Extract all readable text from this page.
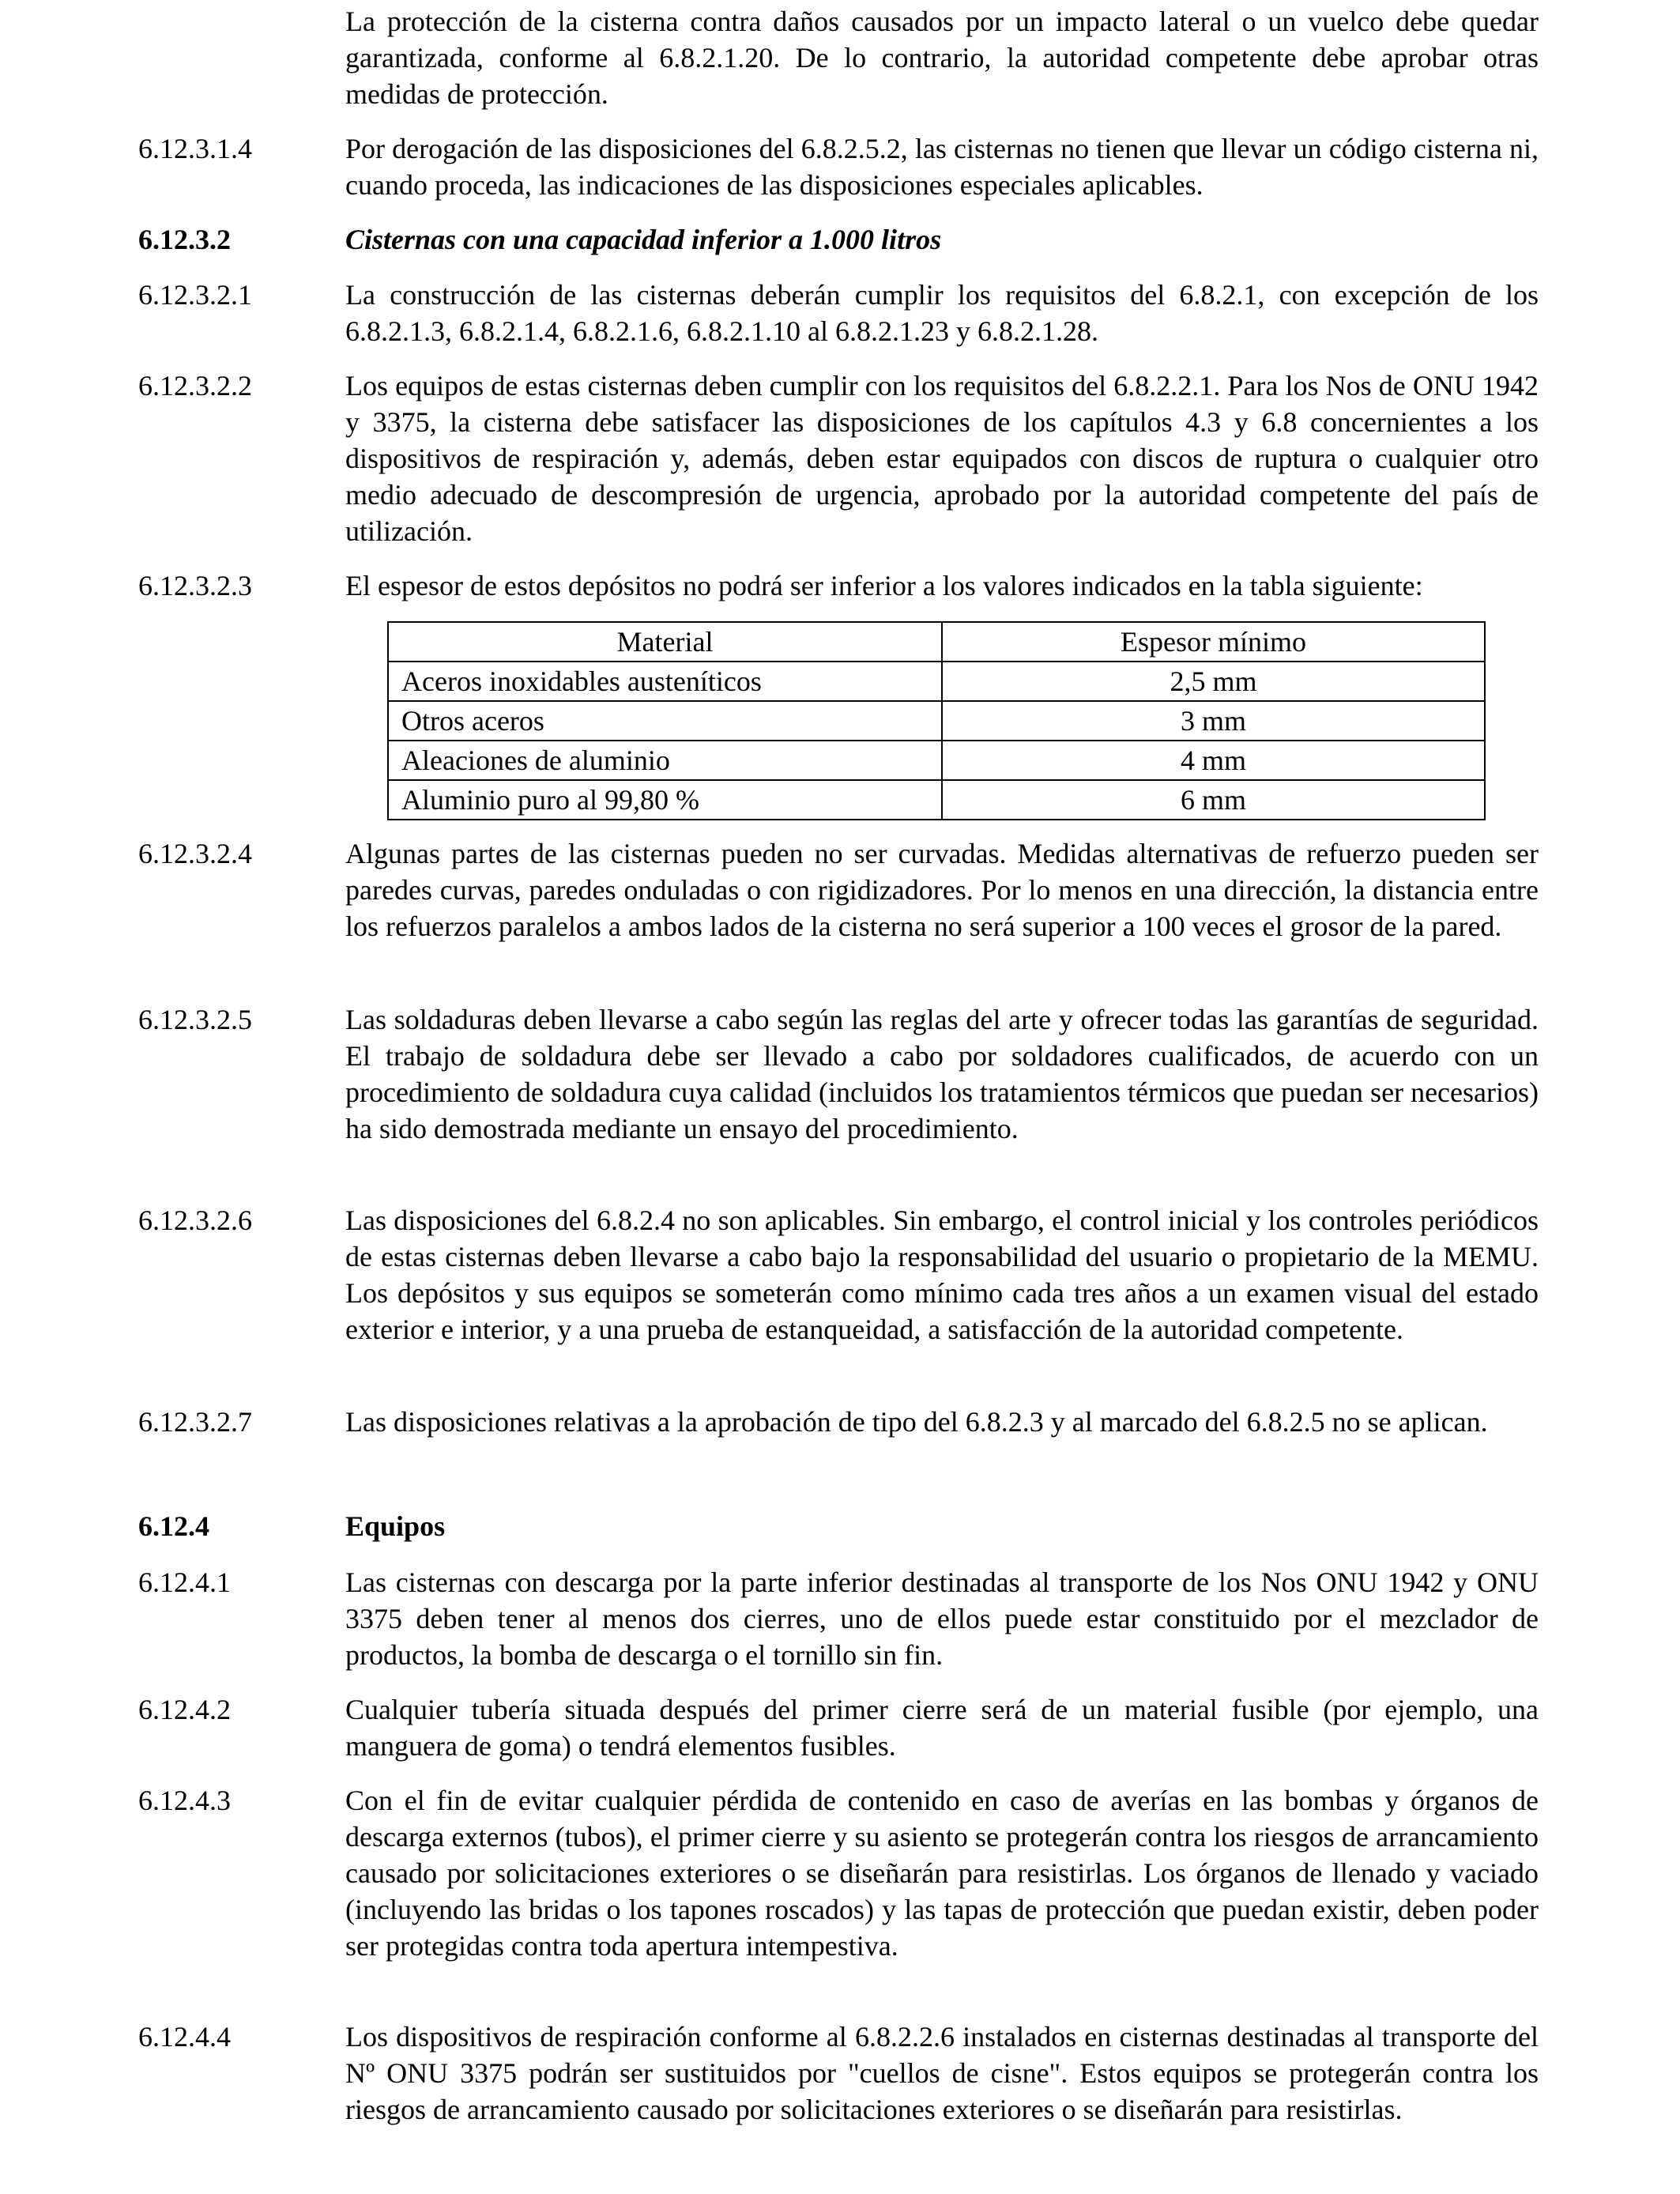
La protección de la cisterna contra daños causados por un impacto lateral o un vuelco debe quedar garantizada, conforme al 6.8.2.1.20. De lo contrario, la autoridad competente debe aprobar otras medidas de protección.
6.12.3.1.4	Por derogación de las disposiciones del 6.8.2.5.2, las cisternas no tienen que llevar un código cisterna ni, cuando proceda, las indicaciones de las disposiciones especiales aplicables.
6.12.3.2	Cisternas con una capacidad inferior a 1.000 litros
6.12.3.2.1	La construcción de las cisternas deberán cumplir los requisitos del 6.8.2.1, con excepción de los 6.8.2.1.3, 6.8.2.1.4, 6.8.2.1.6, 6.8.2.1.10 al 6.8.2.1.23 y 6.8.2.1.28.
6.12.3.2.2	Los equipos de estas cisternas deben cumplir con los requisitos del 6.8.2.2.1. Para los Nos de ONU 1942 y 3375, la cisterna debe satisfacer las disposiciones de los capítulos 4.3 y 6.8 concernientes a los dispositivos de respiración y, además, deben estar equipados con discos de ruptura o cualquier otro medio adecuado de descompresión de urgencia, aprobado por la autoridad competente del país de utilización.
6.12.3.2.3	El espesor de estos depósitos no podrá ser inferior a los valores indicados en la tabla siguiente:
Material	Espesor mínimo
Aceros inoxidables austeníticos	2,5 mm
Otros aceros	3 mm
Aleaciones de aluminio	4 mm
Aluminio puro al 99,80 %	6 mm
6.12.3.2.4	Algunas partes de las cisternas pueden no ser curvadas. Medidas alternativas de refuerzo pueden ser paredes curvas, paredes onduladas o con rigidizadores. Por lo menos en una dirección, la distancia entre los refuerzos paralelos a ambos lados de la cisterna no será superior a 100 veces el grosor de la pared.
6.12.3.2.5	Las soldaduras deben llevarse a cabo según las reglas del arte y ofrecer todas las garantías de seguridad. El trabajo de soldadura debe ser llevado a cabo por soldadores cualificados, de acuerdo con un procedimiento de soldadura cuya calidad (incluidos los tratamientos térmicos que puedan ser necesarios) ha sido demostrada mediante un ensayo del procedimiento.
6.12.3.2.6	Las disposiciones del 6.8.2.4 no son aplicables. Sin embargo, el control inicial y los controles periódicos de estas cisternas deben llevarse a cabo bajo la responsabilidad del usuario o propietario de la MEMU. Los depósitos y sus equipos se someterán como mínimo cada tres años a un examen visual del estado exterior e interior, y a una prueba de estanqueidad, a satisfacción de la autoridad competente.
6.12.3.2.7	Las disposiciones relativas a la aprobación de tipo del 6.8.2.3 y al marcado del 6.8.2.5 no se aplican.
6.12.4	Equipos
6.12.4.1	Las cisternas con descarga por la parte inferior destinadas al transporte de los Nos ONU 1942 y ONU 3375 deben tener al menos dos cierres, uno de ellos puede estar constituido por el mezclador de productos, la bomba de descarga o el tornillo sin fin.
6.12.4.2	Cualquier tubería situada después del primer cierre será de un material fusible (por ejemplo, una manguera de goma) o tendrá elementos fusibles.
6.12.4.3	Con el fin de evitar cualquier pérdida de contenido en caso de averías en las bombas y órganos de descarga externos (tubos), el primer cierre y su asiento se protegerán contra los riesgos de arrancamiento causado por solicitaciones exteriores o se diseñarán para resistirlas. Los órganos de llenado y vaciado (incluyendo las bridas o los tapones roscados) y las tapas de protección que puedan existir, deben poder ser protegidas contra toda apertura intempestiva.
6.12.4.4	Los dispositivos de respiración conforme al 6.8.2.2.6 instalados en cisternas destinadas al transporte del Nº ONU 3375 podrán ser sustituidos por "cuellos de cisne". Estos equipos se protegerán contra los riesgos de arrancamiento causado por solicitaciones exteriores o se diseñarán para resistirlas.
